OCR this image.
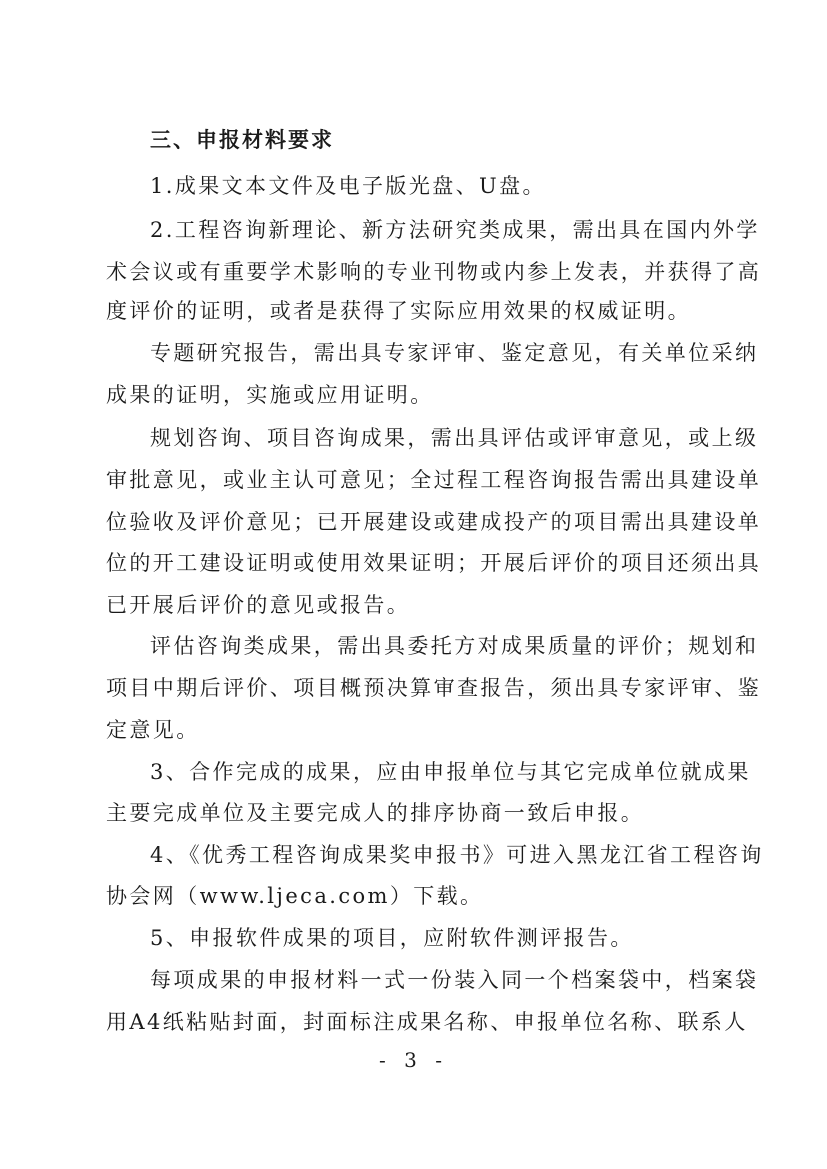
三、申报材料要求
1.成果文本文件及电子版光盘、U盘。
2.工程咨询新理论、新方法研究类成果，需出具在国内外学
术会议或有重要学术影响的专业刊物或内参上发表，并获得了高
度评价的证明，或者是获得了实际应用效果的权威证明。
专题研究报告，需出具专家评审、鉴定意见，有关单位采纳
成果的证明，实施或应用证明。
规划咨询、项目咨询成果，需出具评估或评审意见，或上级
审批意见，或业主认可意见；全过程工程咨询报告需出具建设单
位验收及评价意见；已开展建设或建成投产的项目需出具建设单
位的开工建设证明或使用效果证明；开展后评价的项目还须出具
已开展后评价的意见或报告。
评估咨询类成果，需出具委托方对成果质量的评价；规划和
项目中期后评价、项目概预决算审查报告，须出具专家评审、鉴
定意见。
3、合作完成的成果，应由申报单位与其它完成单位就成果
主要完成单位及主要完成人的排序协商一致后申报。
4、《优秀工程咨询成果奖申报书》可进入黑龙江省工程咨询
协会网（www.ljeca.com）下载。
5、申报软件成果的项目，应附软件测评报告。
每项成果的申报材料一式一份装入同一个档案袋中，档案袋
用A4纸粘贴封面，封面标注成果名称、申报单位名称、联系人
- 3 -
